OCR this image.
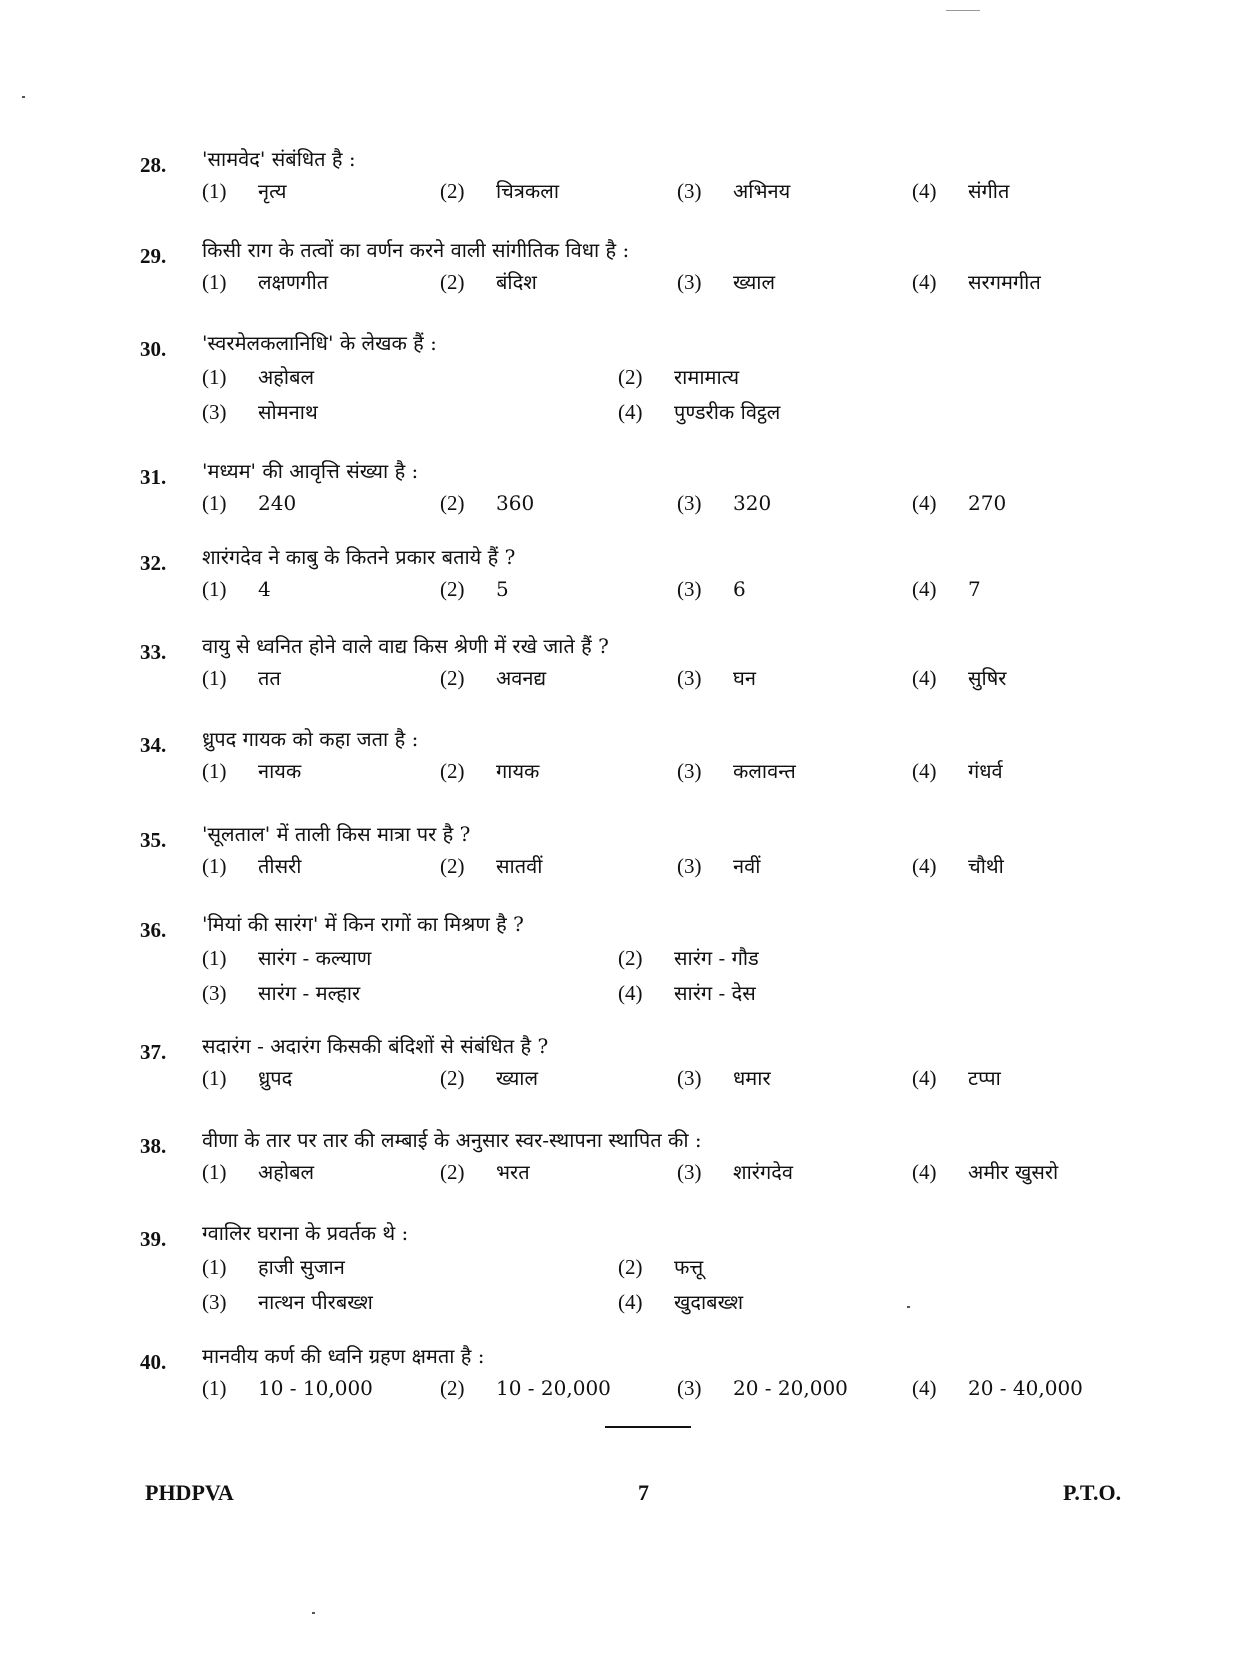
28. 'सामवेद' संबंधित है :
(1) नृत्य	(2) चित्रकला	(3) अभिनय	(4) संगीत
29. किसी राग के तत्वों का वर्णन करने वाली सांगीतिक विधा है :
(1) लक्षणगीत	(2) बंदिश	(3) ख्याल	(4) सरगमगीत
30. 'स्वरमेलकलानिधि' के लेखक हैं :
(1) अहोबल	(2) रामामात्य
(3) सोमनाथ	(4) पुण्डरीक विट्ठल
31. 'मध्यम' की आवृत्ति संख्या है :
(1) 240	(2) 360	(3) 320	(4) 270
32. शारंगदेव ने काबु के कितने प्रकार बताये हैं ?
(1) 4	(2) 5	(3) 6	(4) 7
33. वायु से ध्वनित होने वाले वाद्य किस श्रेणी में रखे जाते हैं ?
(1) तत	(2) अवनद्य	(3) घन	(4) सुषिर
34. ध्रुपद गायक को कहा जता है :
(1) नायक	(2) गायक	(3) कलावन्त	(4) गंधर्व
35. 'सूलताल' में ताली किस मात्रा पर है ?
(1) तीसरी	(2) सातवीं	(3) नवीं	(4) चौथी
36. 'मियां की सारंग' में किन रागों का मिश्रण है ?
(1) सारंग - कल्याण	(2) सारंग - गौड
(3) सारंग - मल्हार	(4) सारंग - देस
37. सदारंग - अदारंग किसकी बंदिशों से संबंधित है ?
(1) ध्रुपद	(2) ख्याल	(3) धमार	(4) टप्पा
38. वीणा के तार पर तार की लम्बाई के अनुसार स्वर-स्थापना स्थापित की :
(1) अहोबल	(2) भरत	(3) शारंगदेव	(4) अमीर खुसरो
39. ग्वालिर घराना के प्रवर्तक थे :
(1) हाजी सुजान	(2) फत्तू
(3) नात्थन पीरबख्श	(4) खुदाबख्श
40. मानवीय कर्ण की ध्वनि ग्रहण क्षमता है :
(1) 10 - 10,000	(2) 10 - 20,000	(3) 20 - 20,000	(4) 20 - 40,000
PHDPVA	7	P.T.O.
